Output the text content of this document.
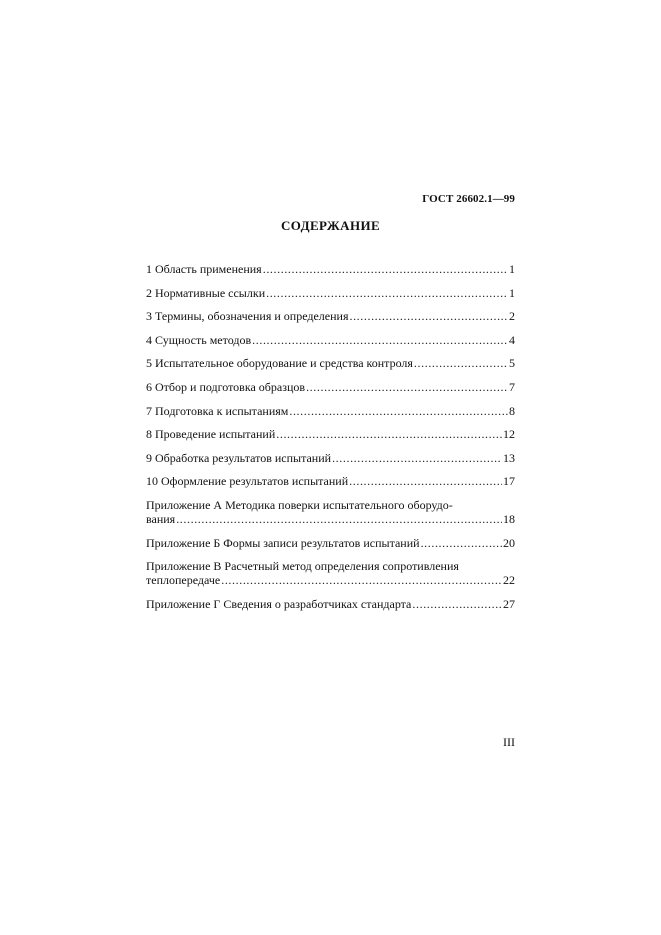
ГОСТ 26602.1—99
СОДЕРЖАНИЕ
1 Область применения .....	1
2 Нормативные ссылки .....	1
3 Термины, обозначения и определения .....	2
4 Сущность методов .....	4
5 Испытательное оборудование и средства контроля .....	5
6 Отбор и подготовка образцов .....	7
7 Подготовка к испытаниям .....	8
8 Проведение испытаний .....	12
9 Обработка результатов испытаний .....	13
10 Оформление результатов испытаний .....	17
Приложение А Методика поверки испытательного оборудо-
вания .....	18
Приложение Б Формы записи результатов испытаний .....	20
Приложение В Расчетный метод определения сопротивления
теплопередаче .....	22
Приложение Г Сведения о разработчиках стандарта .....	27
III
